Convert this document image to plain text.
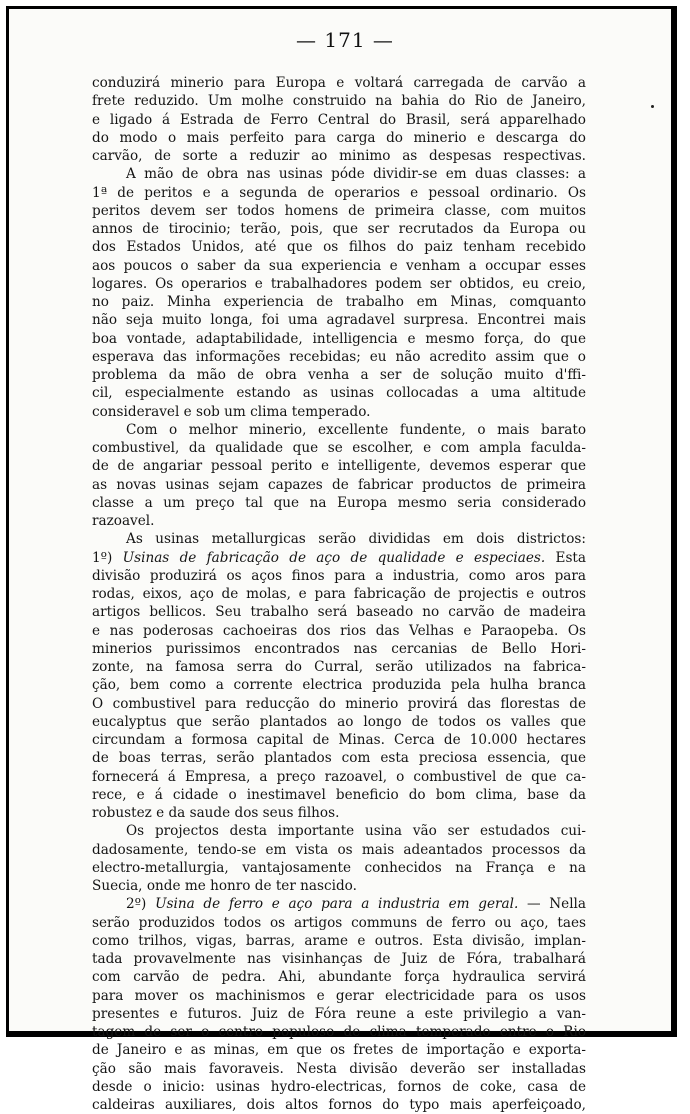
— 171 —
conduzirá minerio para Europa e voltará carregada de carvão a
frete reduzido. Um molhe construido na bahia do Rio de Janeiro,
e ligado á Estrada de Ferro Central do Brasil, será apparelhado
do modo o mais perfeito para carga do minerio e descarga do
carvão, de sorte a reduzir ao minimo as despesas respectivas.
A mão de obra nas usinas póde dividir-se em duas classes: a
1ª de peritos e a segunda de operarios e pessoal ordinario. Os
peritos devem ser todos homens de primeira classe, com muitos
annos de tirocinio; terão, pois, que ser recrutados da Europa ou
dos Estados Unidos, até que os filhos do paiz tenham recebido
aos poucos o saber da sua experiencia e venham a occupar esses
logares. Os operarios e trabalhadores podem ser obtidos, eu creio,
no paiz. Minha experiencia de trabalho em Minas, comquanto
não seja muito longa, foi uma agradavel surpresa. Encontrei mais
boa vontade, adaptabilidade, intelligencia e mesmo força, do que
esperava das informações recebidas; eu não acredito assim que o
problema da mão de obra venha a ser de solução muito d'ffi-
cil, especialmente estando as usinas collocadas a uma altitude
consideravel e sob um clima temperado.
Com o melhor minerio, excellente fundente, o mais barato
combustivel, da qualidade que se escolher, e com ampla faculda-
de de angariar pessoal perito e intelligente, devemos esperar que
as novas usinas sejam capazes de fabricar productos de primeira
classe a um preço tal que na Europa mesmo seria considerado
razoavel.
As usinas metallurgicas serão divididas em dois districtos:
1º) Usinas de fabricação de aço de qualidade e especiaes. Esta
divisão produzirá os aços finos para a industria, como aros para
rodas, eixos, aço de molas, e para fabricação de projectis e outros
artigos bellicos. Seu trabalho será baseado no carvão de madeira
e nas poderosas cachoeiras dos rios das Velhas e Paraopeba. Os
minerios purissimos encontrados nas cercanias de Bello Hori-
zonte, na famosa serra do Curral, serão utilizados na fabrica-
ção, bem como a corrente electrica produzida pela hulha branca
O combustivel para reducção do minerio provirá das florestas de
eucalyptus que serão plantados ao longo de todos os valles que
circundam a formosa capital de Minas. Cerca de 10.000 hectares
de boas terras, serão plantados com esta preciosa essencia, que
fornecerá á Empresa, a preço razoavel, o combustivel de que ca-
rece, e á cidade o inestimavel beneficio do bom clima, base da
robustez e da saude dos seus filhos.
Os projectos desta importante usina vão ser estudados cui-
dadosamente, tendo-se em vista os mais adeantados processos da
electro-metallurgia, vantajosamente conhecidos na França e na
Suecia, onde me honro de ter nascido.
2º) Usina de ferro e aço para a industria em geral. — Nella
serão produzidos todos os artigos communs de ferro ou aço, taes
como trilhos, vigas, barras, arame e outros. Esta divisão, implan-
tada provavelmente nas visinhanças de Juiz de Fóra, trabalhará
com carvão de pedra. Ahi, abundante força hydraulica servirá
para mover os machinismos e gerar electricidade para os usos
presentes e futuros. Juiz de Fóra reune a este privilegio a van-
tagem de ser o centro populoso de clima temperado entre o Rio
de Janeiro e as minas, em que os fretes de importação e exporta-
ção são mais favoraveis. Nesta divisão deverão ser installadas
desde o inicio: usinas hydro-electricas, fornos de coke, casa de
caldeiras auxiliares, dois altos fornos do typo mais aperfeiçoado,
